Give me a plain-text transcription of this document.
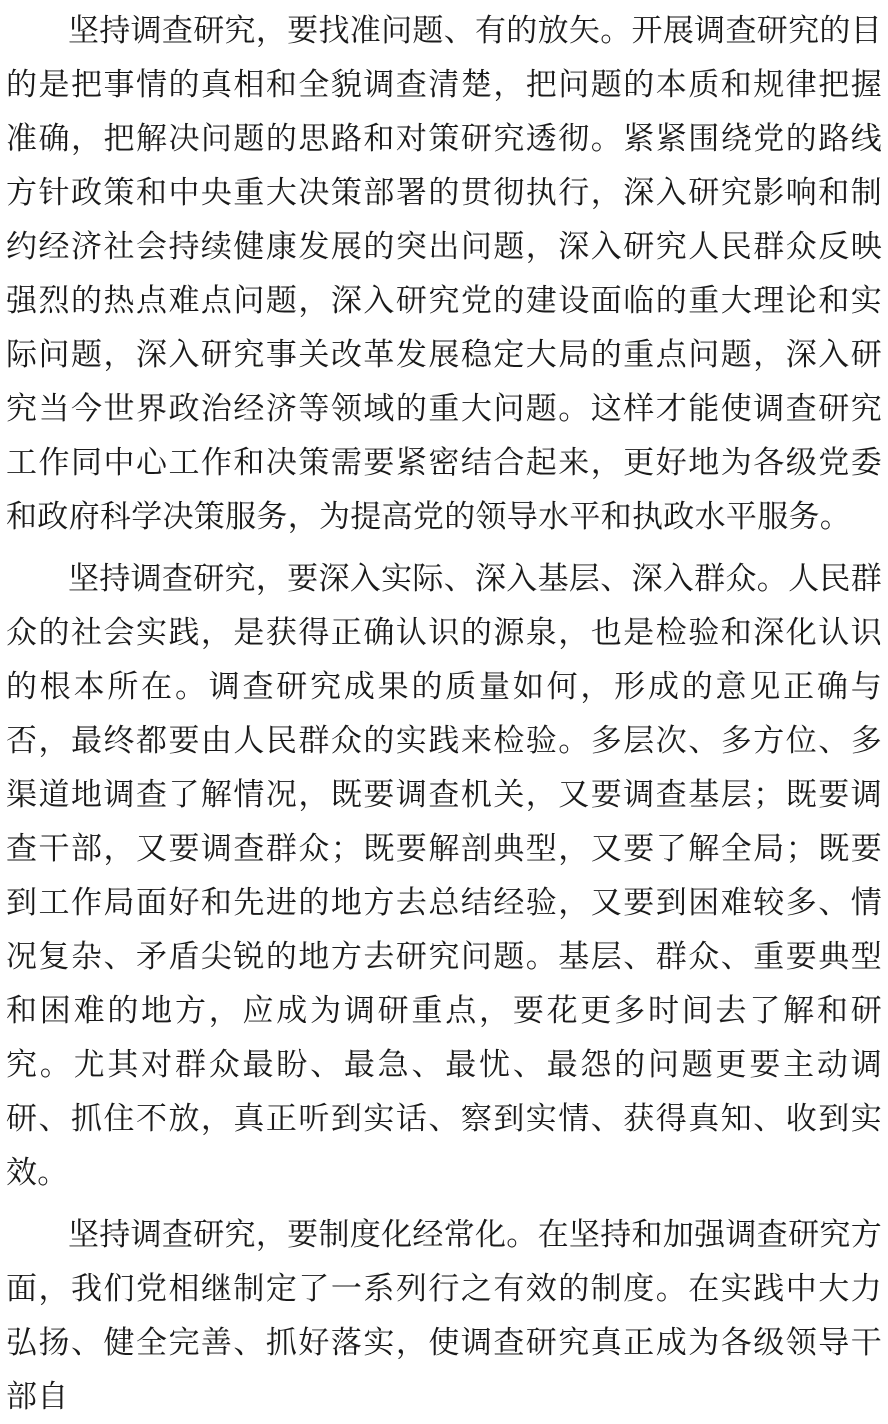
坚持调查研究，要找准问题、有的放矢。开展调查研究的目的是把事情的真相和全貌调查清楚，把问题的本质和规律把握准确，把解决问题的思路和对策研究透彻。紧紧围绕党的路线方针政策和中央重大决策部署的贯彻执行，深入研究影响和制约经济社会持续健康发展的突出问题，深入研究人民群众反映强烈的热点难点问题，深入研究党的建设面临的重大理论和实际问题，深入研究事关改革发展稳定大局的重点问题，深入研究当今世界政治经济等领域的重大问题。这样才能使调查研究工作同中心工作和决策需要紧密结合起来，更好地为各级党委和政府科学决策服务，为提高党的领导水平和执政水平服务。

坚持调查研究，要深入实际、深入基层、深入群众。人民群众的社会实践，是获得正确认识的源泉，也是检验和深化认识的根本所在。调查研究成果的质量如何，形成的意见正确与否，最终都要由人民群众的实践来检验。多层次、多方位、多渠道地调查了解情况，既要调查机关，又要调查基层；既要调查干部，又要调查群众；既要解剖典型，又要了解全局；既要到工作局面好和先进的地方去总结经验，又要到困难较多、情况复杂、矛盾尖锐的地方去研究问题。基层、群众、重要典型和困难的地方，应成为调研重点，要花更多时间去了解和研究。尤其对群众最盼、最急、最忧、最怨的问题更要主动调研、抓住不放，真正听到实话、察到实情、获得真知、收到实效。

坚持调查研究，要制度化经常化。在坚持和加强调查研究方面，我们党相继制定了一系列行之有效的制度。在实践中大力弘扬、健全完善、抓好落实，使调查研究真正成为各级领导干部自
